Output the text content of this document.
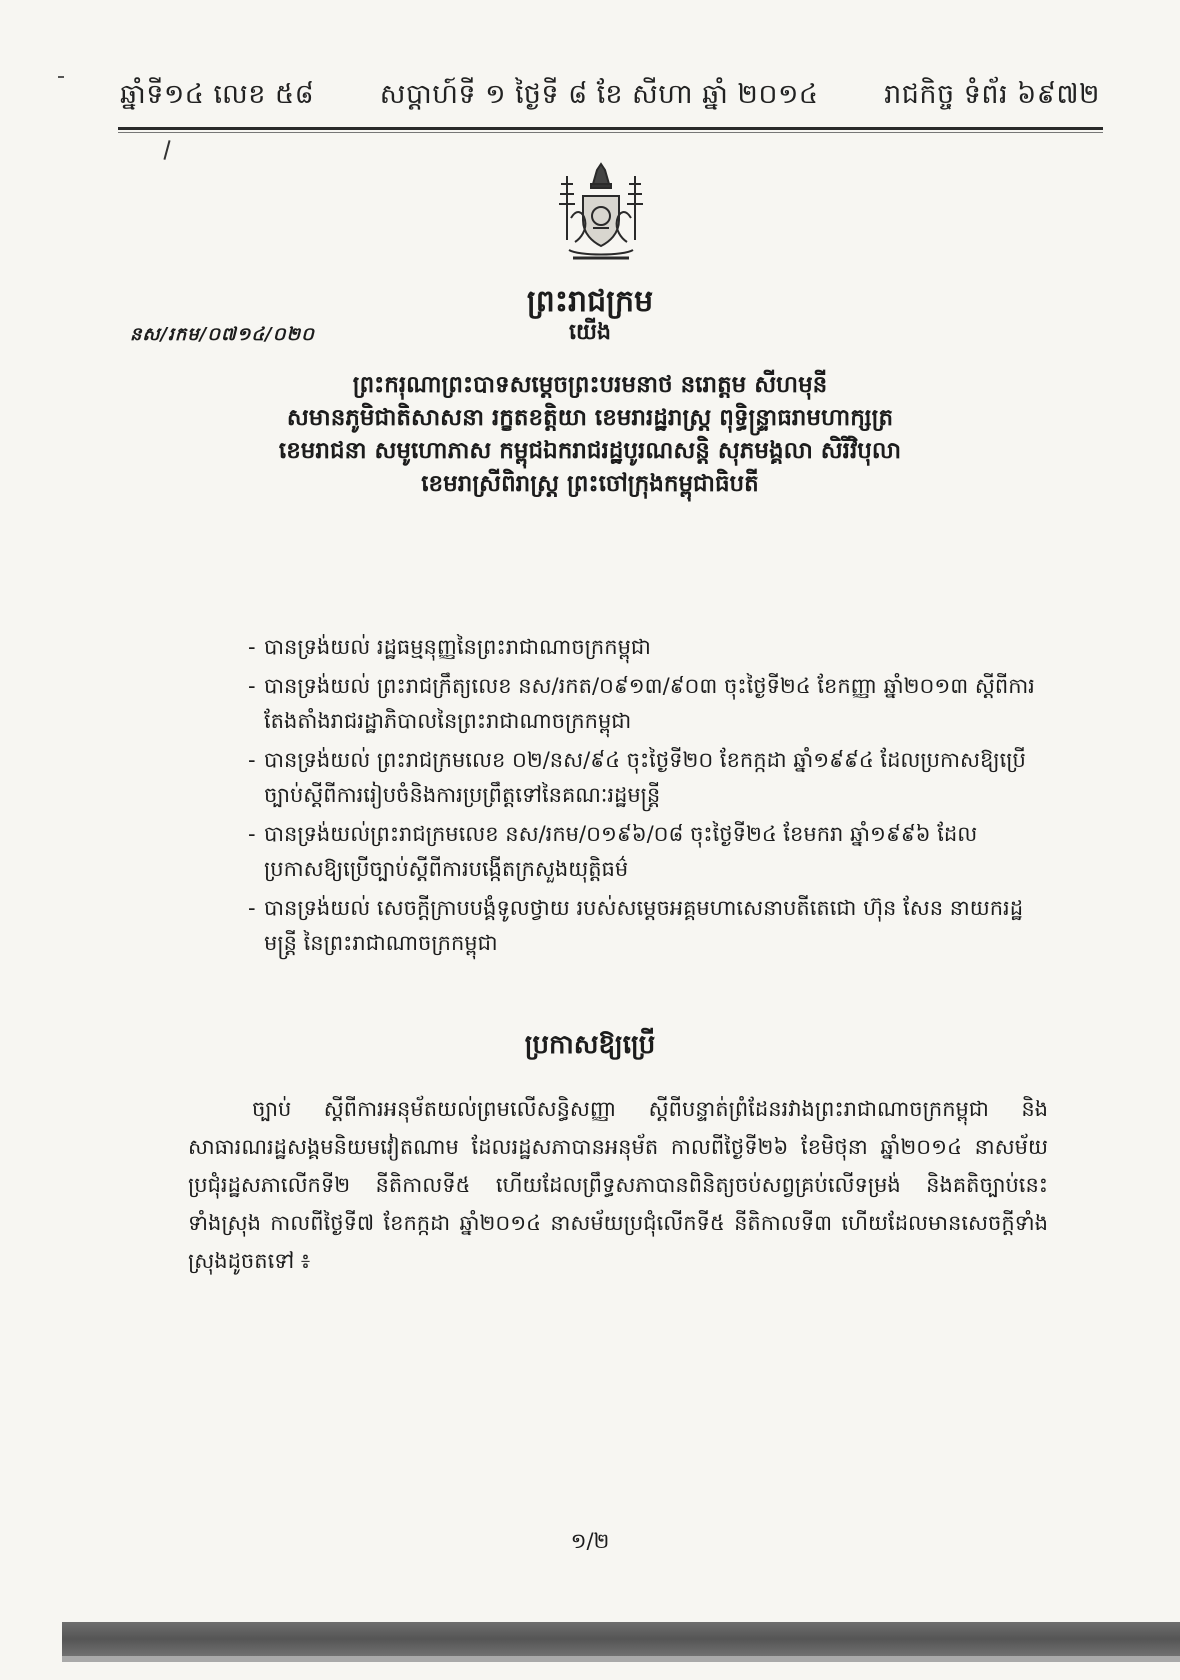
ឆ្នាំទី១៤ លេខ ៥៨ សប្តាហ៍ទី ១ ថ្ងៃទី ៨ ខែ សីហា ឆ្នាំ ២០១៤ រាជកិច្ច ទំព័រ ៦៩៧២
ព្រះរាជក្រម
នស/រកម/០៧១៤/០២០	យើង
ព្រះករុណាព្រះបាទសម្តេចព្រះបរមនាថ នរោត្តម សីហមុនី
សមានភូមិជាតិសាសនា រក្ខតខត្តិយា ខេមរារដ្ឋរាស្ត្រ ពុទ្ធិន្ទ្រាធរាមហាក្សត្រ
ខេមរាជនា សមូហោភាស កម្ពុជឯករាជរដ្ឋបូរណសន្តិ សុភមង្គលា សិរីវិបុលា
ខេមរាស្រីពិរាស្ត្រ ព្រះចៅក្រុងកម្ពុជាធិបតី
- បានទ្រង់យល់ រដ្ឋធម្មនុញ្ញនៃព្រះរាជាណាចក្រកម្ពុជា
- បានទ្រង់យល់ ព្រះរាជក្រឹត្យលេខ នស/រកត/០៩១៣/៩០៣ ចុះថ្ងៃទី២៤ ខែកញ្ញា ឆ្នាំ២០១៣ ស្តីពីការតែងតាំងរាជរដ្ឋាភិបាលនៃព្រះរាជាណាចក្រកម្ពុជា
- បានទ្រង់យល់ ព្រះរាជក្រមលេខ ០២/នស/៩៤ ចុះថ្ងៃទី២០ ខែកក្កដា ឆ្នាំ១៩៩៤ ដែលប្រកាសឱ្យប្រើច្បាប់ស្តីពីការរៀបចំនិងការប្រព្រឹត្តទៅនៃគណៈរដ្ឋមន្ត្រី
- បានទ្រង់យល់ព្រះរាជក្រមលេខ នស/រកម/០១៩៦/០៨ ចុះថ្ងៃទី២៤ ខែមករា ឆ្នាំ១៩៩៦ ដែលប្រកាសឱ្យប្រើច្បាប់ស្តីពីការបង្កើតក្រសួងយុត្តិធម៌
- បានទ្រង់យល់ សេចក្តីក្រាបបង្គំទូលថ្វាយ របស់សម្តេចអគ្គមហាសេនាបតីតេជោ ហ៊ុន សែន នាយករដ្ឋមន្ត្រី នៃព្រះរាជាណាចក្រកម្ពុជា
ប្រកាសឱ្យប្រើ
ច្បាប់ ស្តីពីការអនុម័តយល់ព្រមលើសន្ធិសញ្ញា ស្តីពីបន្ទាត់ព្រំដែនរវាងព្រះរាជាណាចក្រកម្ពុជា និងសាធារណរដ្ឋសង្គមនិយមវៀតណាម ដែលរដ្ឋសភាបានអនុម័ត កាលពីថ្ងៃទី២៦ ខែមិថុនា ឆ្នាំ២០១៤ នាសម័យប្រជុំរដ្ឋសភាលើកទី២ នីតិកាលទី៥ ហើយដែលព្រឹទ្ធសភាបានពិនិត្យចប់សព្វគ្រប់លើទម្រង់ និងគតិច្បាប់នេះទាំងស្រុង កាលពីថ្ងៃទី៧ ខែកក្កដា ឆ្នាំ២០១៤ នាសម័យប្រជុំលើកទី៥ នីតិកាលទី៣ ហើយដែលមានសេចក្តីទាំងស្រុងដូចតទៅ ៖
១/២
